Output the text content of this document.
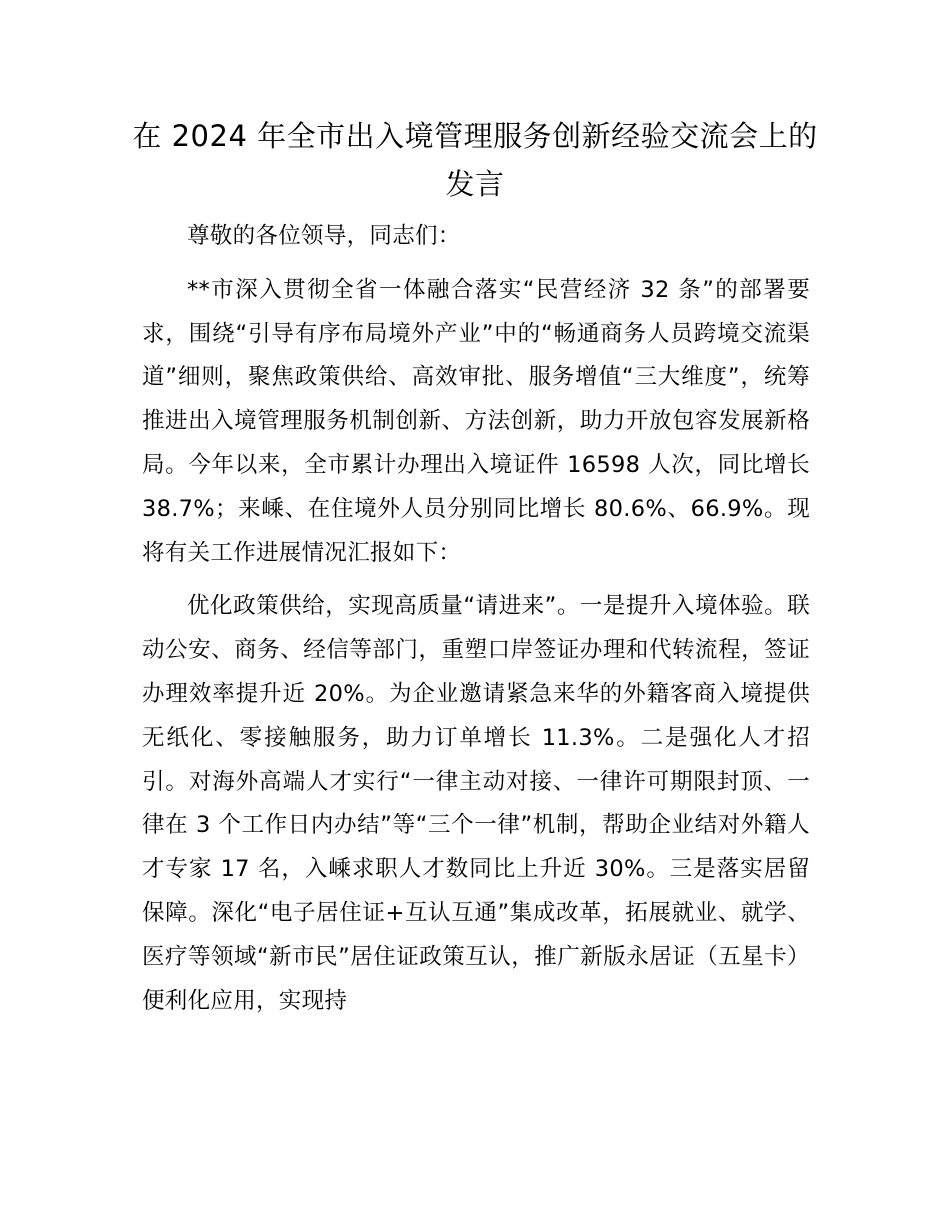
在 2024 年全市出入境管理服务创新经验交流会上的发言

尊敬的各位领导，同志们：

**市深入贯彻全省一体融合落实“民营经济 32 条”的部署要求，围绕“引导有序布局境外产业”中的“畅通商务人员跨境交流渠道”细则，聚焦政策供给、高效审批、服务增值“三大维度”，统筹推进出入境管理服务机制创新、方法创新，助力开放包容发展新格局。今年以来，全市累计办理出入境证件 16598 人次，同比增长 38.7%；来嵊、在住境外人员分别同比增长 80.6%、66.9%。现将有关工作进展情况汇报如下：

优化政策供给，实现高质量“请进来”。一是提升入境体验。联动公安、商务、经信等部门，重塑口岸签证办理和代转流程，签证办理效率提升近 20%。为企业邀请紧急来华的外籍客商入境提供无纸化、零接触服务，助力订单增长 11.3%。二是强化人才招引。对海外高端人才实行“一律主动对接、一律许可期限封顶、一律在 3 个工作日内办结”等“三个一律”机制，帮助企业结对外籍人才专家 17 名，入嵊求职人才数同比上升近 30%。三是落实居留保障。深化“电子居住证+互认互通”集成改革，拓展就业、就学、医疗等领域“新市民”居住证政策互认，推广新版永居证（五星卡）便利化应用，实现持
